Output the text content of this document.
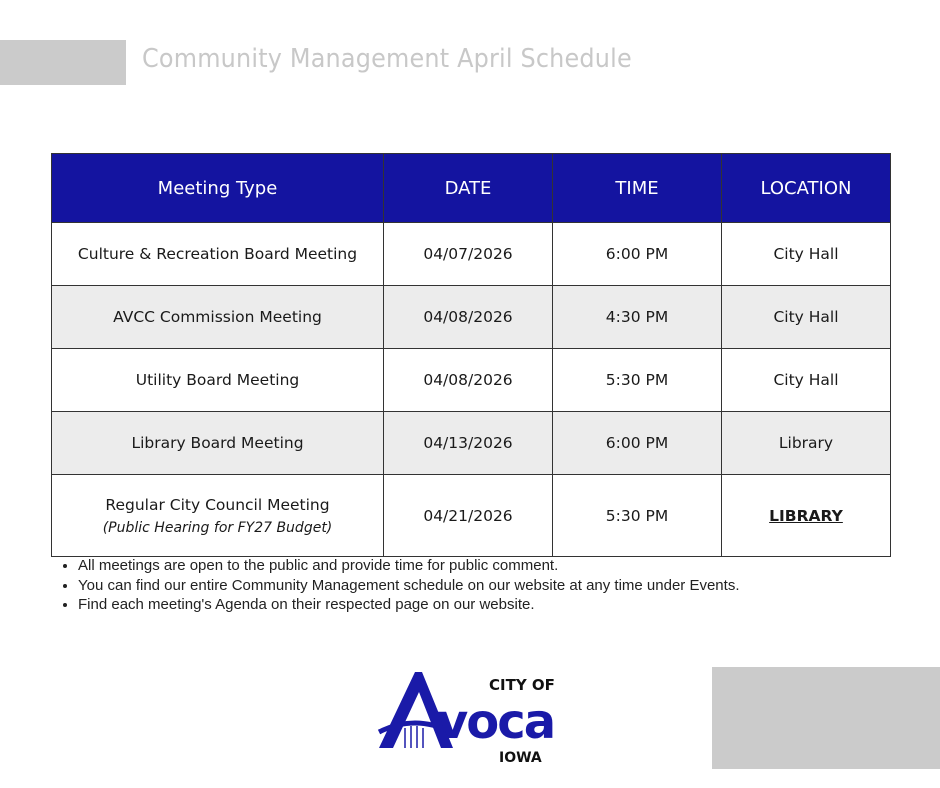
Community Management April Schedule
Meeting Type	DATE	TIME	LOCATION
Culture & Recreation Board Meeting	04/07/2026	6:00 PM	City Hall
AVCC Commission Meeting	04/08/2026	4:30 PM	City Hall
Utility Board Meeting	04/08/2026	5:30 PM	City Hall
Library Board Meeting	04/13/2026	6:00 PM	Library
Regular City Council Meeting
(Public Hearing for FY27 Budget)	04/21/2026	5:30 PM	LIBRARY
• All meetings are open to the public and provide time for public comment.
• You can find our entire Community Management schedule on our website at any time under Events.
• Find each meeting's Agenda on their respected page on our website.
CITY OF
voca
IOWA
